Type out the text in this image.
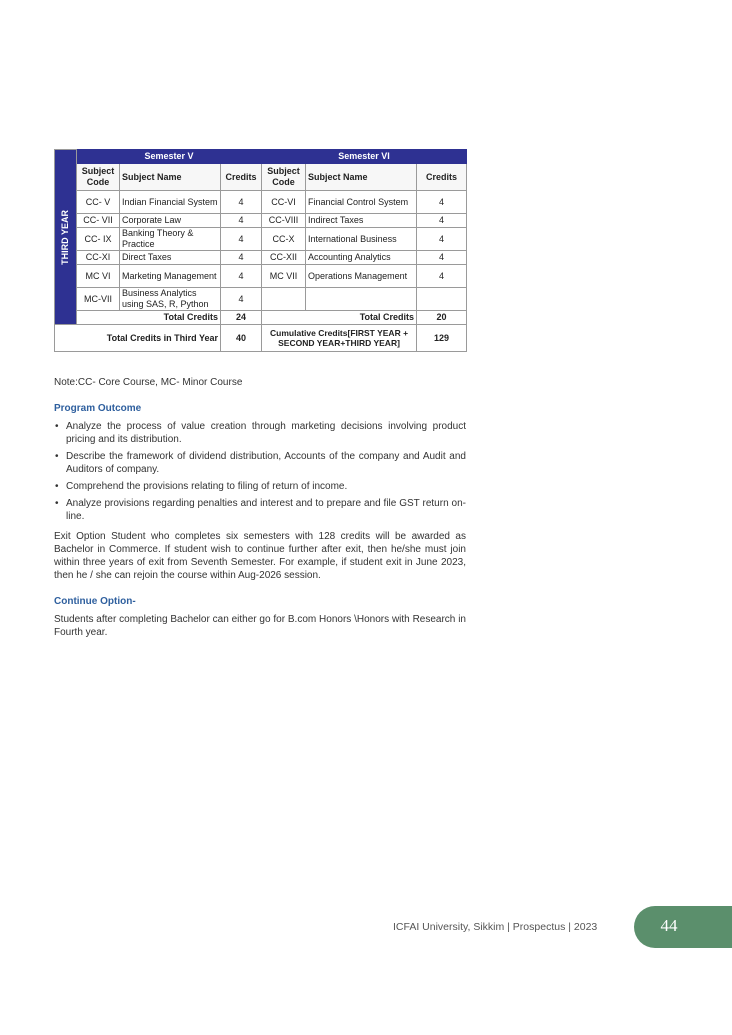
THIRD YEAR	Semester V			Semester VI		
	Subject Code	Subject Name	Credits	Subject Code	Subject Name	Credits
	CC- V	Indian Financial System	4	CC-VI	Financial Control System	4
	CC- VII	Corporate Law	4	CC-VIII	Indirect Taxes	4
	CC- IX	Banking Theory & Practice	4	CC-X	International Business	4
	CC-XI	Direct Taxes	4	CC-XII	Accounting Analytics	4
	MC VI	Marketing Management	4	MC VII	Operations Management	4
	MC-VII	Business Analytics using SAS, R, Python	4			
	Total Credits		24	Total Credits		20
Total Credits in Third Year			40	Cumulative Credits[FIRST YEAR + SECOND YEAR+THIRD YEAR]		129
Note:CC- Core Course, MC- Minor Course
Program Outcome
• Analyze the process of value creation through marketing decisions involving product pricing and its distribution.
• Describe the framework of dividend distribution, Accounts of the company and Audit and Auditors of company.
• Comprehend the provisions relating to filing of return of income.
• Analyze provisions regarding penalties and interest and to prepare and file GST return on-line.

Exit Option Student who completes six semesters with 128 credits will be awarded as Bachelor in Commerce. If student wish to continue further after exit, then he/she must join within three years of exit from Seventh Semester. For example, if student exit in June 2023, then he / she can rejoin the course within Aug-2026 session.

Continue Option-

Students after completing Bachelor can either go for B.com Honors \Honors with Research in Fourth year.

ICFAI University, Sikkim | Prospectus | 2023	44
